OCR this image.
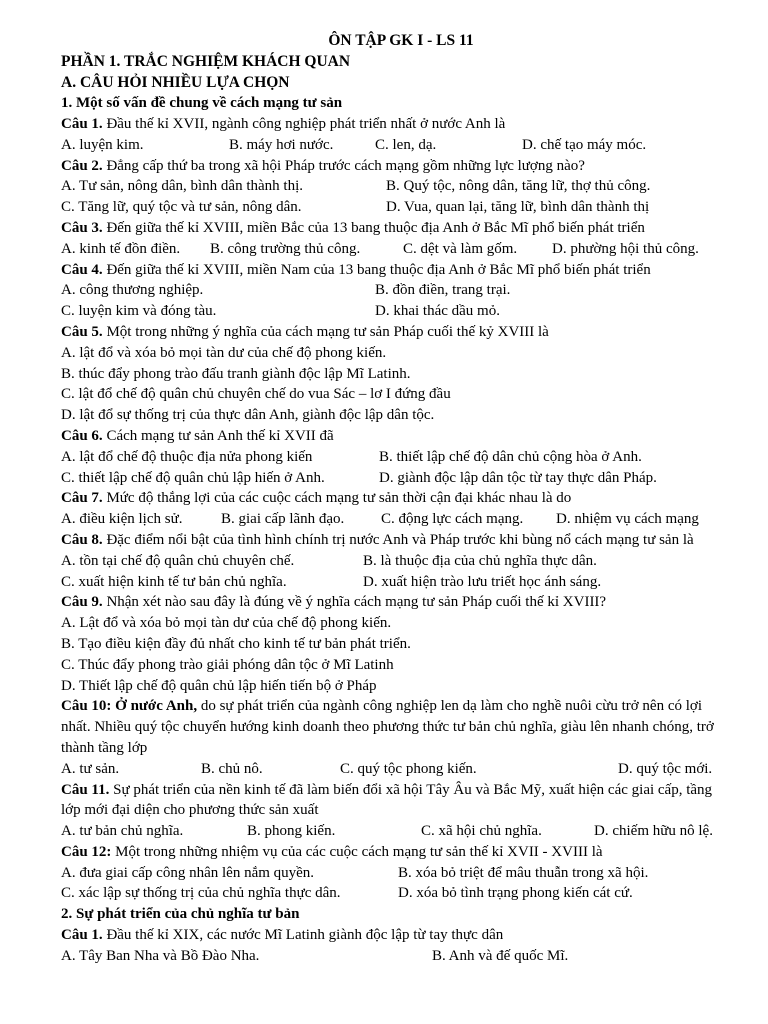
ÔN TẬP GK I - LS 11
PHẦN 1. TRẮC NGHIỆM KHÁCH QUAN
A. CÂU HỎI NHIỀU LỰA CHỌN
1. Một số vấn đề chung về cách mạng tư sản
Câu 1. Đầu thế kỉ XVII, ngành công nghiệp phát triển nhất ở nước Anh là
A. luyện kim.	B. máy hơi nước.	C. len, dạ.	D. chế tạo máy móc.
Câu 2. Đẳng cấp thứ ba trong xã hội Pháp trước cách mạng gồm những lực lượng nào?
A. Tư sản, nông dân, bình dân thành thị.	B. Quý tộc, nông dân, tăng lữ, thợ thủ công.
C. Tăng lữ, quý tộc và tư sản, nông dân.	D. Vua, quan lại, tăng lữ, bình dân thành thị
Câu 3. Đến giữa thế kỉ XVIII, miền Bắc của 13 bang thuộc địa Anh ở Bắc Mĩ phổ biến phát triển
A. kinh tế đồn điền. B. công trường thủ công.	C. dệt và làm gốm. D. phường hội thủ công.
Câu 4. Đến giữa thế kỉ XVIII, miền Nam của 13 bang thuộc địa Anh ở Bắc Mĩ phổ biến phát triển
A. công thương nghiệp.	B. đồn điền, trang trại.
C. luyện kim và đóng tàu.	D. khai thác dầu mỏ.
Câu 5. Một trong những ý nghĩa của cách mạng tư sản Pháp cuối thế kỷ XVIII là
A. lật đổ và xóa bỏ mọi tàn dư của chế độ phong kiến.
B. thúc đẩy phong trào đấu tranh giành độc lập Mĩ Latinh.
C. lật đổ chế độ quân chủ chuyên chế do vua Sác – lơ I đứng đầu
D. lật đổ sự thống trị của thực dân Anh, giành độc lập dân tộc.
Câu 6. Cách mạng tư sản Anh thế kỉ XVII đã
A. lật đổ chế độ thuộc địa nửa phong kiến	B. thiết lập chế độ dân chủ cộng hòa ở Anh.
C. thiết lập chế độ quân chủ lập hiến ở Anh.	D. giành độc lập dân tộc từ tay thực dân Pháp.
Câu 7. Mức độ thắng lợi của các cuộc cách mạng tư sản thời cận đại khác nhau là do
A. điều kiện lịch sử.	B. giai cấp lãnh đạo. C. động lực cách mạng. D. nhiệm vụ cách mạng
Câu 8. Đặc điểm nổi bật của tình hình chính trị nước Anh và Pháp trước khi bùng nổ cách mạng tư sản là
A. tồn tại chế độ quân chủ chuyên chế.	B. là thuộc địa của chủ nghĩa thực dân.
C. xuất hiện kinh tế tư bản chủ nghĩa.	D. xuất hiện trào lưu triết học ánh sáng.
Câu 9. Nhận xét nào sau đây là đúng về ý nghĩa cách mạng tư sản Pháp cuối thế kỉ XVIII?
A. Lật đổ và xóa bỏ mọi tàn dư của chế độ phong kiến.
B. Tạo điều kiện đầy đủ nhất cho kinh tế tư bản phát triển.
C. Thúc đẩy phong trào giải phóng dân tộc ở Mĩ Latinh
D. Thiết lập chế độ quân chủ lập hiến tiến bộ ở Pháp
Câu 10: Ở nước Anh, do sự phát triển của ngành công nghiệp len dạ làm cho nghề nuôi cừu trở nên có lợi nhất. Nhiều quý tộc chuyển hướng kinh doanh theo phương thức tư bản chủ nghĩa, giàu lên nhanh chóng, trở thành tầng lớp
A. tư sản.	B. chủ nô.	C. quý tộc phong kiến.	D. quý tộc mới.
Câu 11. Sự phát triển của nền kinh tế đã làm biến đổi xã hội Tây Âu và Bắc Mỹ, xuất hiện các giai cấp, tầng lớp mới đại diện cho phương thức sản xuất
A. tư bản chủ nghĩa.	B. phong kiến.	C. xã hội chủ nghĩa.	D. chiếm hữu nô lệ.
Câu 12: Một trong những nhiệm vụ của các cuộc cách mạng tư sản thế kỉ XVII - XVIII là
A. đưa giai cấp công nhân lên nắm quyền.	B. xóa bỏ triệt để mâu thuẫn trong xã hội.
C. xác lập sự thống trị của chủ nghĩa thực dân.	D. xóa bỏ tình trạng phong kiến cát cứ.
2. Sự phát triển của chủ nghĩa tư bản
Câu 1. Đầu thế kỉ XIX, các nước Mĩ Latinh giành độc lập từ tay thực dân
A. Tây Ban Nha và Bồ Đào Nha.	B. Anh và đế quốc Mĩ.
